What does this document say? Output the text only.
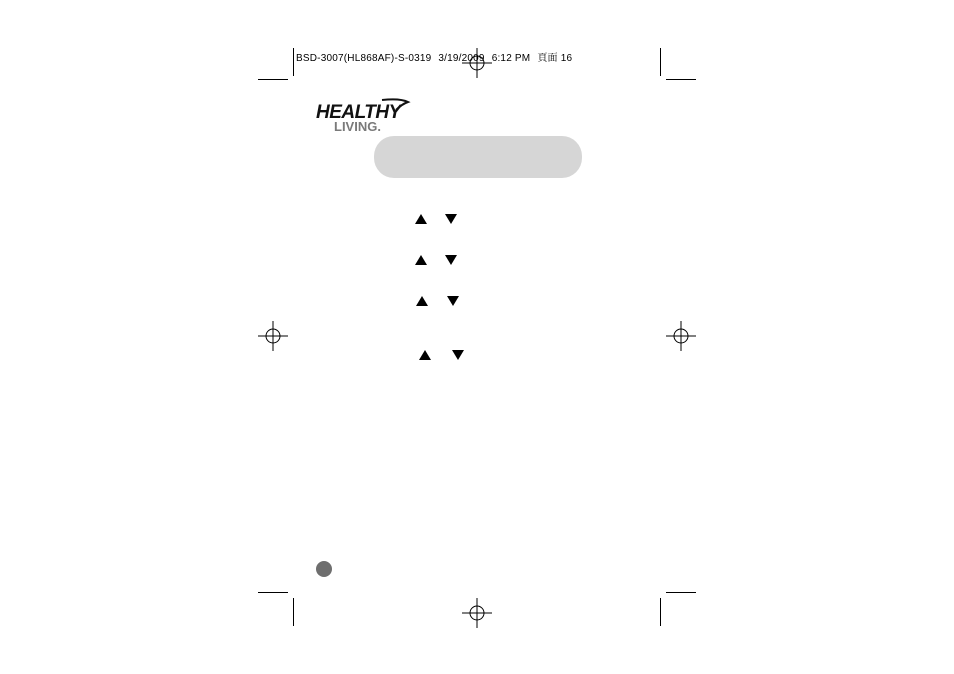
BSD-3007(HL868AF)-S-0319 3/19/2009 6:12 PM 頁面 16
HEALTHY
LIVING.
